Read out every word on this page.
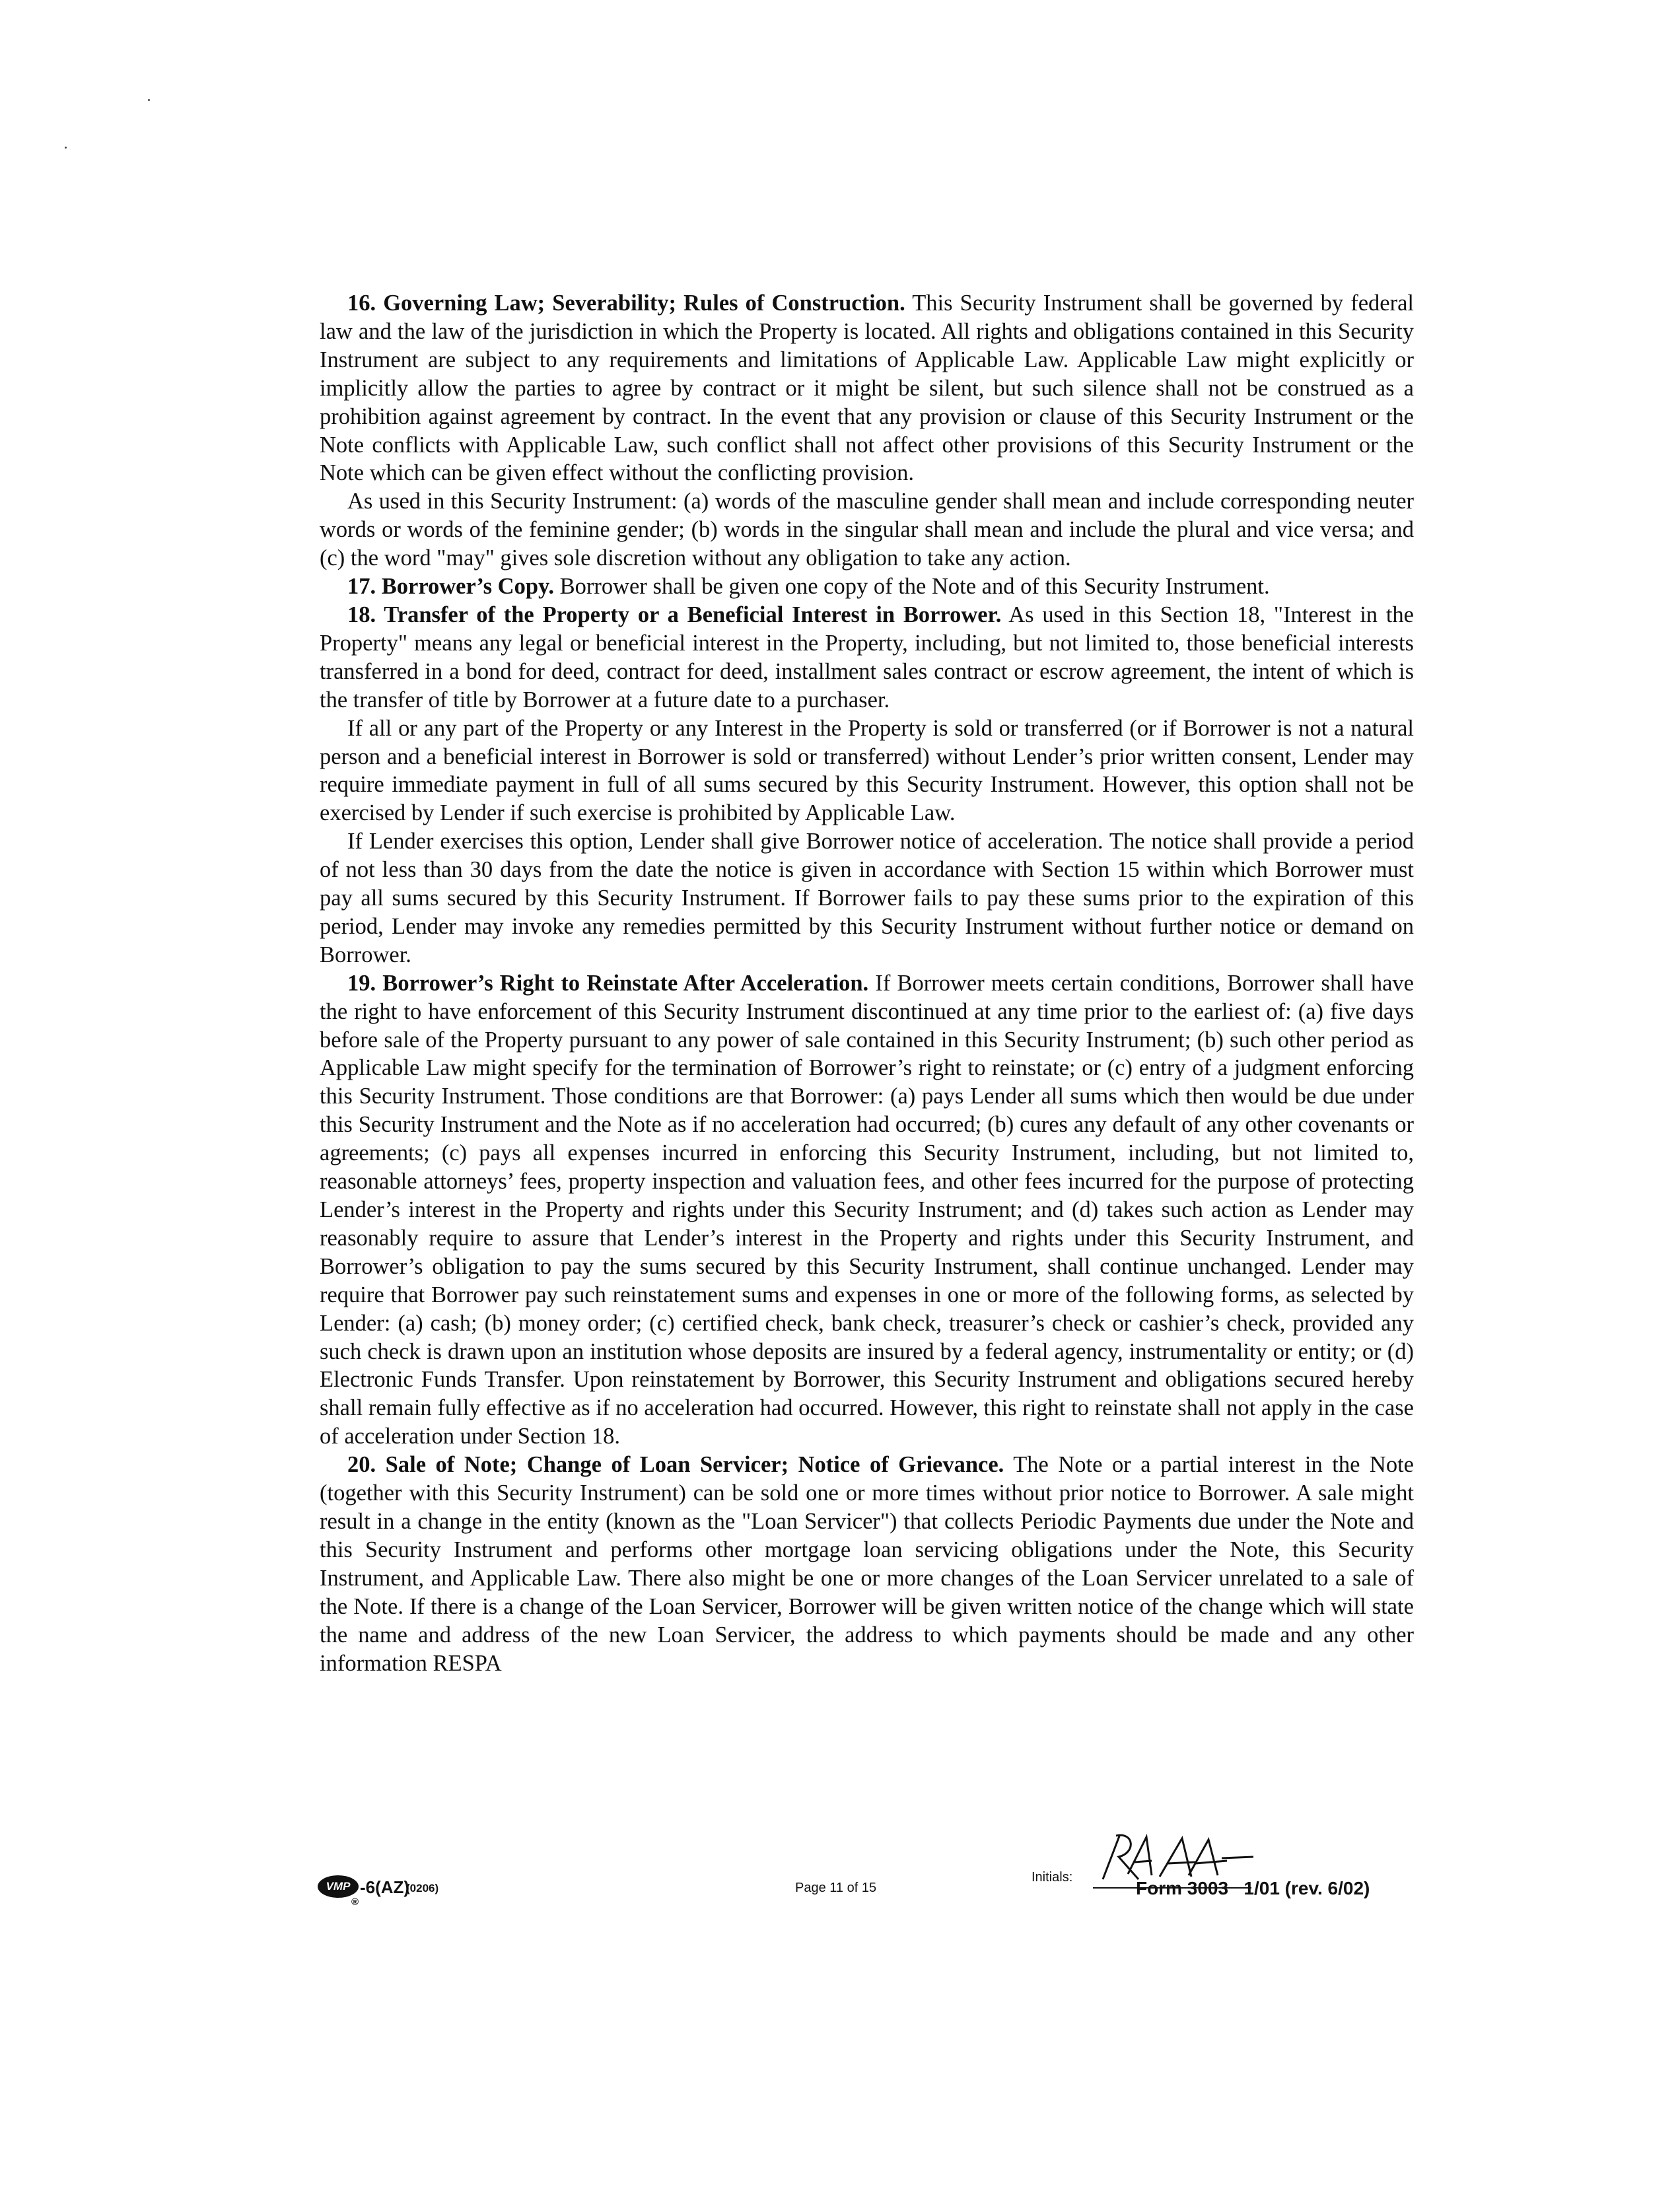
16. Governing Law; Severability; Rules of Construction. This Security Instrument shall be governed by federal law and the law of the jurisdiction in which the Property is located. All rights and obligations contained in this Security Instrument are subject to any requirements and limitations of Applicable Law. Applicable Law might explicitly or implicitly allow the parties to agree by contract or it might be silent, but such silence shall not be construed as a prohibition against agreement by contract. In the event that any provision or clause of this Security Instrument or the Note conflicts with Applicable Law, such conflict shall not affect other provisions of this Security Instrument or the Note which can be given effect without the conflicting provision.

As used in this Security Instrument: (a) words of the masculine gender shall mean and include corresponding neuter words or words of the feminine gender; (b) words in the singular shall mean and include the plural and vice versa; and (c) the word "may" gives sole discretion without any obligation to take any action.

17. Borrower’s Copy. Borrower shall be given one copy of the Note and of this Security Instrument.

18. Transfer of the Property or a Beneficial Interest in Borrower. As used in this Section 18, "Interest in the Property" means any legal or beneficial interest in the Property, including, but not limited to, those beneficial interests transferred in a bond for deed, contract for deed, installment sales contract or escrow agreement, the intent of which is the transfer of title by Borrower at a future date to a purchaser.

If all or any part of the Property or any Interest in the Property is sold or transferred (or if Borrower is not a natural person and a beneficial interest in Borrower is sold or transferred) without Lender’s prior written consent, Lender may require immediate payment in full of all sums secured by this Security Instrument. However, this option shall not be exercised by Lender if such exercise is prohibited by Applicable Law.

If Lender exercises this option, Lender shall give Borrower notice of acceleration. The notice shall provide a period of not less than 30 days from the date the notice is given in accordance with Section 15 within which Borrower must pay all sums secured by this Security Instrument. If Borrower fails to pay these sums prior to the expiration of this period, Lender may invoke any remedies permitted by this Security Instrument without further notice or demand on Borrower.

19. Borrower’s Right to Reinstate After Acceleration. If Borrower meets certain conditions, Borrower shall have the right to have enforcement of this Security Instrument discontinued at any time prior to the earliest of: (a) five days before sale of the Property pursuant to any power of sale contained in this Security Instrument; (b) such other period as Applicable Law might specify for the termination of Borrower’s right to reinstate; or (c) entry of a judgment enforcing this Security Instrument. Those conditions are that Borrower: (a) pays Lender all sums which then would be due under this Security Instrument and the Note as if no acceleration had occurred; (b) cures any default of any other covenants or agreements; (c) pays all expenses incurred in enforcing this Security Instrument, including, but not limited to, reasonable attorneys’ fees, property inspection and valuation fees, and other fees incurred for the purpose of protecting Lender’s interest in the Property and rights under this Security Instrument; and (d) takes such action as Lender may reasonably require to assure that Lender’s interest in the Property and rights under this Security Instrument, and Borrower’s obligation to pay the sums secured by this Security Instrument, shall continue unchanged. Lender may require that Borrower pay such reinstatement sums and expenses in one or more of the following forms, as selected by Lender: (a) cash; (b) money order; (c) certified check, bank check, treasurer’s check or cashier’s check, provided any such check is drawn upon an institution whose deposits are insured by a federal agency, instrumentality or entity; or (d) Electronic Funds Transfer. Upon reinstatement by Borrower, this Security Instrument and obligations secured hereby shall remain fully effective as if no acceleration had occurred. However, this right to reinstate shall not apply in the case of acceleration under Section 18.

20. Sale of Note; Change of Loan Servicer; Notice of Grievance. The Note or a partial interest in the Note (together with this Security Instrument) can be sold one or more times without prior notice to Borrower. A sale might result in a change in the entity (known as the "Loan Servicer") that collects Periodic Payments due under the Note and this Security Instrument and performs other mortgage loan servicing obligations under the Note, this Security Instrument, and Applicable Law. There also might be one or more changes of the Loan Servicer unrelated to a sale of the Note. If there is a change of the Loan Servicer, Borrower will be given written notice of the change which will state the name and address of the new Loan Servicer, the address to which payments should be made and any other information RESPA

VMP
®
-6(AZ)
(0206)	Page 11 of 15
Initials:
Form 3003   1/01 (rev. 6/02)
